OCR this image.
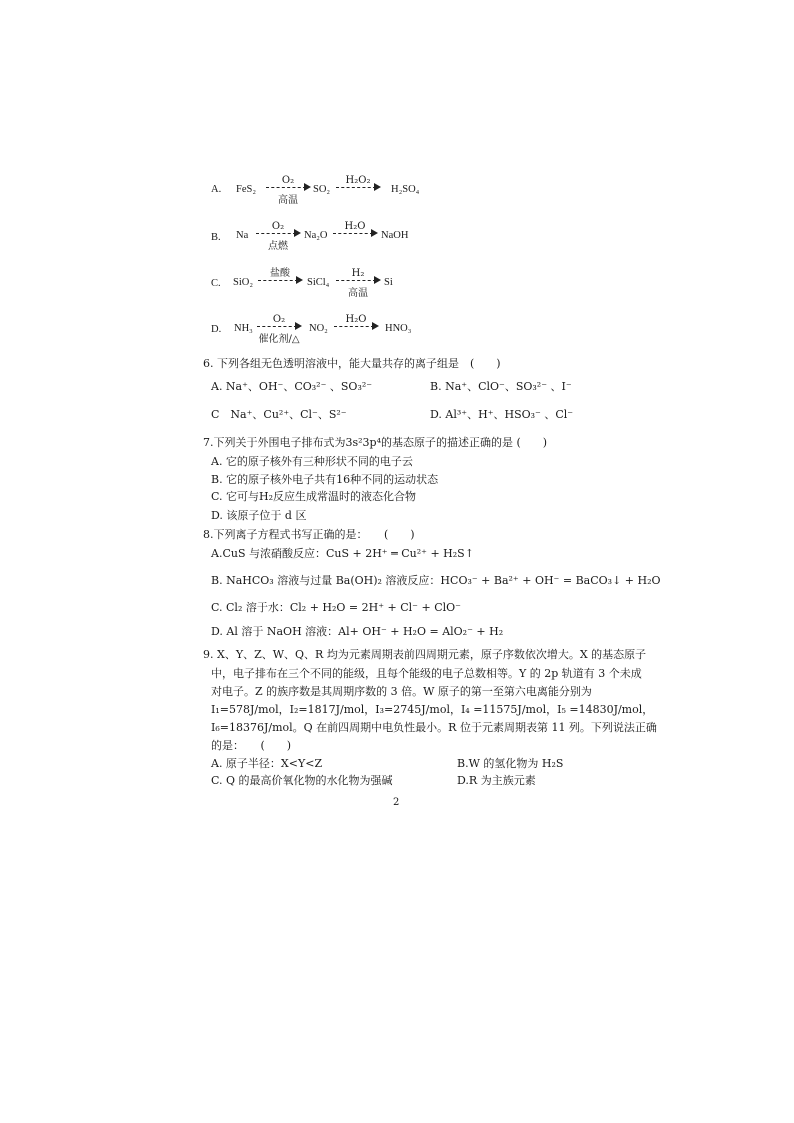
A. FeS₂
O₂
高温
SO₂
H₂O₂
H₂SO₄
B. Na
O₂
点燃
Na₂O
H₂O
NaOH
C. SiO₂
盐酸
SiCl₄
H₂
高温
Si
D. NH₃
O₂
催化剂/△
NO₂
H₂O
HNO₃
6. 下列各组无色透明溶液中，能大量共存的离子组是　(　　)
A. Na⁺、OH⁻、CO₃²⁻ 、SO₃²⁻	B. Na⁺、ClO⁻、SO₃²⁻ 、I⁻
C　Na⁺、Cu²⁺、Cl⁻、S²⁻	D. Al³⁺、H⁺、HSO₃⁻ 、Cl⁻
7.下列关于外围电子排布式为3s²3p⁴的基态原子的描述正确的是 (　　)
A. 它的原子核外有三种形状不同的电子云
B. 它的原子核外电子共有16种不同的运动状态
C. 它可与H₂反应生成常温时的液态化合物
D. 该原子位于 d 区
8.下列离子方程式书写正确的是：　　(　　)
A.CuS 与浓硝酸反应：CuS + 2H⁺ ═ Cu²⁺ + H₂S↑
B. NaHCO₃ 溶液与过量 Ba(OH)₂ 溶液反应：HCO₃⁻ + Ba²⁺ + OH⁻ = BaCO₃↓ + H₂O
C. Cl₂ 溶于水：Cl₂ + H₂O = 2H⁺ + Cl⁻ + ClO⁻
D. Al 溶于 NaOH 溶液：Al+ OH⁻ + H₂O = AlO₂⁻ + H₂
9. X、Y、Z、W、Q、R 均为元素周期表前四周期元素，原子序数依次增大。X 的基态原子
中，电子排布在三个不同的能级，且每个能级的电子总数相等。Y 的 2p 轨道有 3 个未成
对电子。Z 的族序数是其周期序数的 3 倍。W 原子的第一至第六电离能分别为
I₁=578J/mol，I₂=1817J/mol，I₃=2745J/mol，I₄ =11575J/mol，I₅ =14830J/mol，
I₆=18376J/mol。Q 在前四周期中电负性最小。R 位于元素周期表第 11 列。下列说法正确
的是：　　(　　)
A. 原子半径：X<Y<Z	B.W 的氢化物为 H₂S
C. Q 的最高价氧化物的水化物为强碱	D.R 为主族元素
2
